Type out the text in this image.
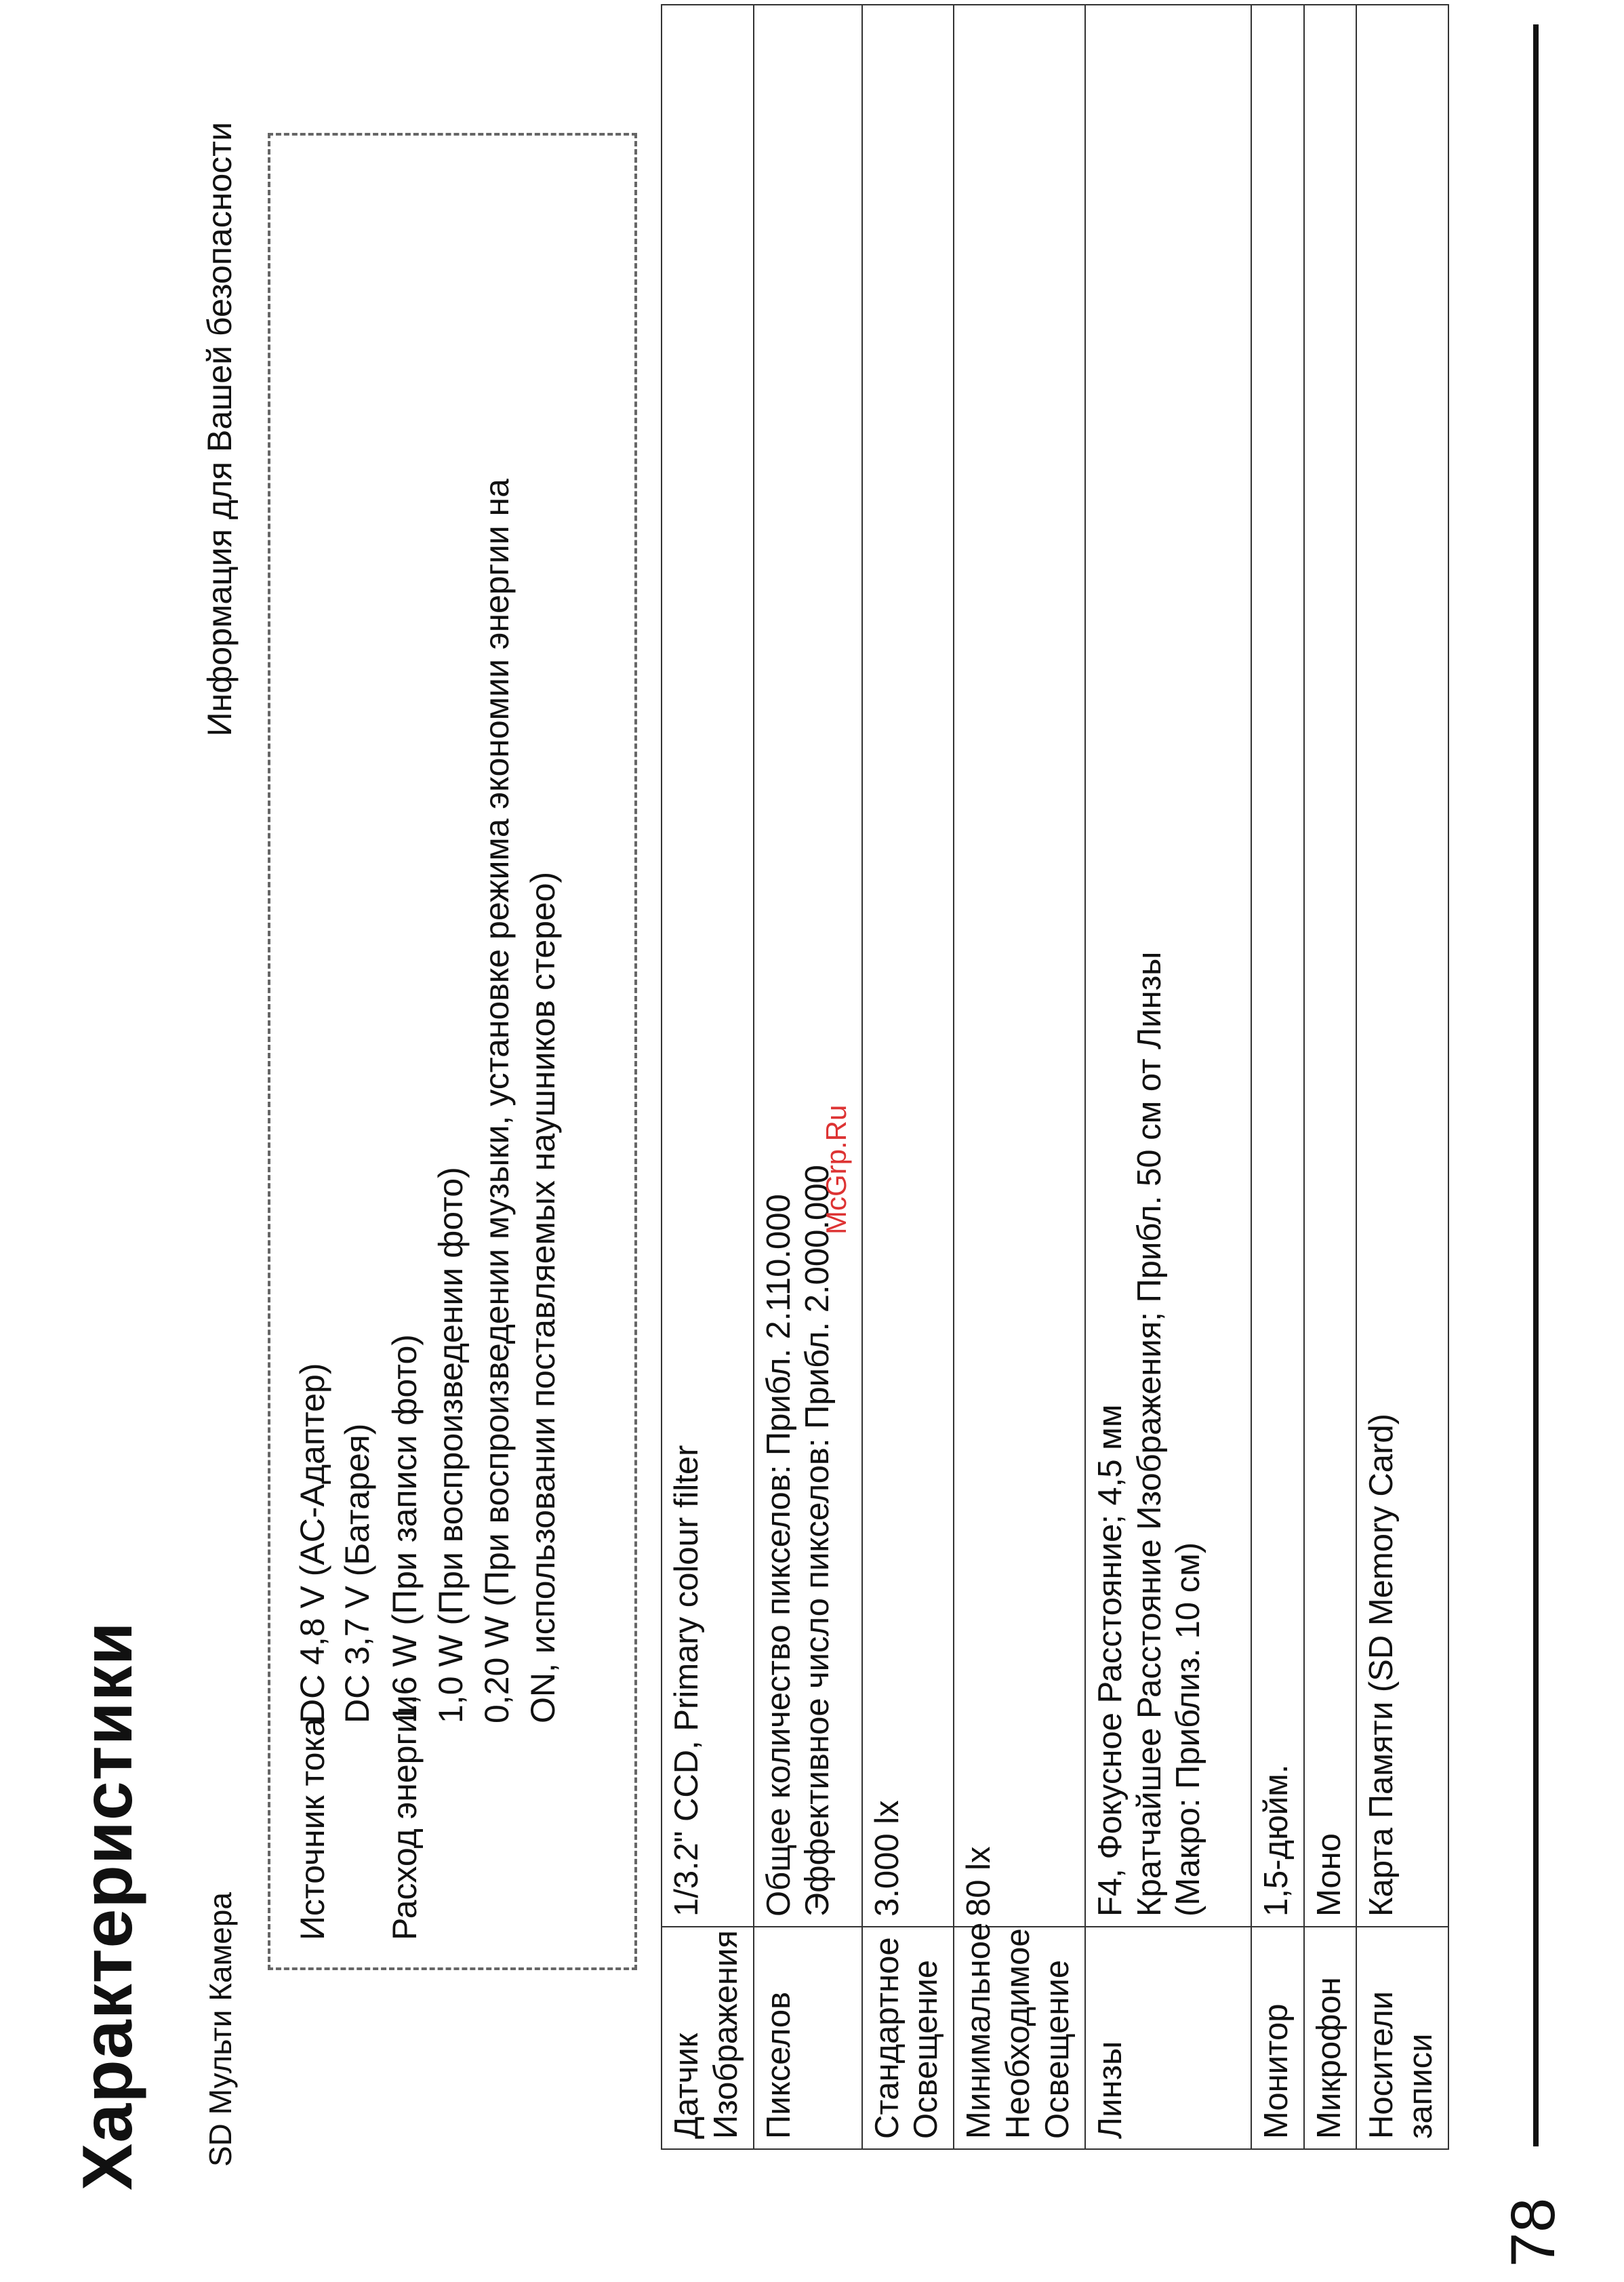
Характеристики
Информация для Вашей безопасности
SD Мульти Камера
Источник тока
DC 4,8 V (AC-Адаптер) DC 3,7 V (Батарея)
Расход энергии
1,6 W (При записи фото) 1,0 W (При воспроизведении фото) 0,20 W (При воспроизведении музыки, установке режима экономии энергии на ON, использовании поставляемых наушников стерео)
Датчик Изображения	1/3.2" CCD, Primary colour filter

Пикселов	Общее количество пикселов: Прибл. 2.110.000 Эффективное число пикселов: Прибл. 2.000.000

Стандартное Освещение	3.000 lx

Минимальное Необходимое Освещение	80 lx

Линзы	F4, Фокусное Расстояние; 4,5 мм Кратчайшее Расстояние Изображения; Прибл. 50 см от Линзы (Макро: Приблиз. 10 см)

Монитор	1,5-дюйм.

Микрофон	Моно

Носители записи	Карта Памяти (SD Memory Card)
McGrp.Ru
78
